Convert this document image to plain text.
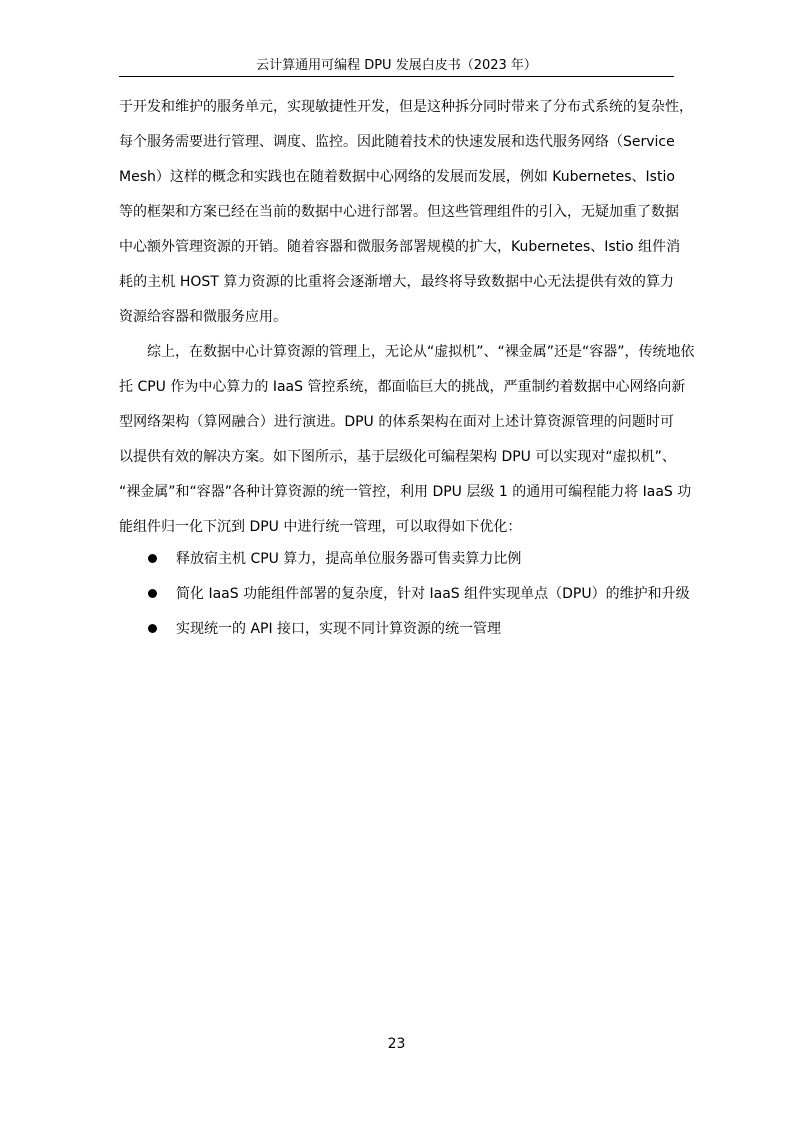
云计算通用可编程 DPU 发展白皮书（2023 年）
于开发和维护的服务单元，实现敏捷性开发，但是这种拆分同时带来了分布式系统的复杂性，
每个服务需要进行管理、调度、监控。因此随着技术的快速发展和迭代服务网络（Service
Mesh）这样的概念和实践也在随着数据中心网络的发展而发展，例如 Kubernetes、Istio
等的框架和方案已经在当前的数据中心进行部署。但这些管理组件的引入，无疑加重了数据
中心额外管理资源的开销。随着容器和微服务部署规模的扩大，Kubernetes、Istio 组件消
耗的主机 HOST 算力资源的比重将会逐渐增大，最终将导致数据中心无法提供有效的算力
资源给容器和微服务应用。
　　综上，在数据中心计算资源的管理上，无论从“虚拟机”、“裸金属”还是“容器”，传统地依
托 CPU 作为中心算力的 IaaS 管控系统，都面临巨大的挑战，严重制约着数据中心网络向新
型网络架构（算网融合）进行演进。DPU 的体系架构在面对上述计算资源管理的问题时可
以提供有效的解决方案。如下图所示，基于层级化可编程架构 DPU 可以实现对“虚拟机”、
“裸金属”和“容器”各种计算资源的统一管控，利用 DPU 层级 1 的通用可编程能力将 IaaS 功
能组件归一化下沉到 DPU 中进行统一管理，可以取得如下优化：
释放宿主机 CPU 算力，提高单位服务器可售卖算力比例
简化 IaaS 功能组件部署的复杂度，针对 IaaS 组件实现单点（DPU）的维护和升级
实现统一的 API 接口，实现不同计算资源的统一管理
23
